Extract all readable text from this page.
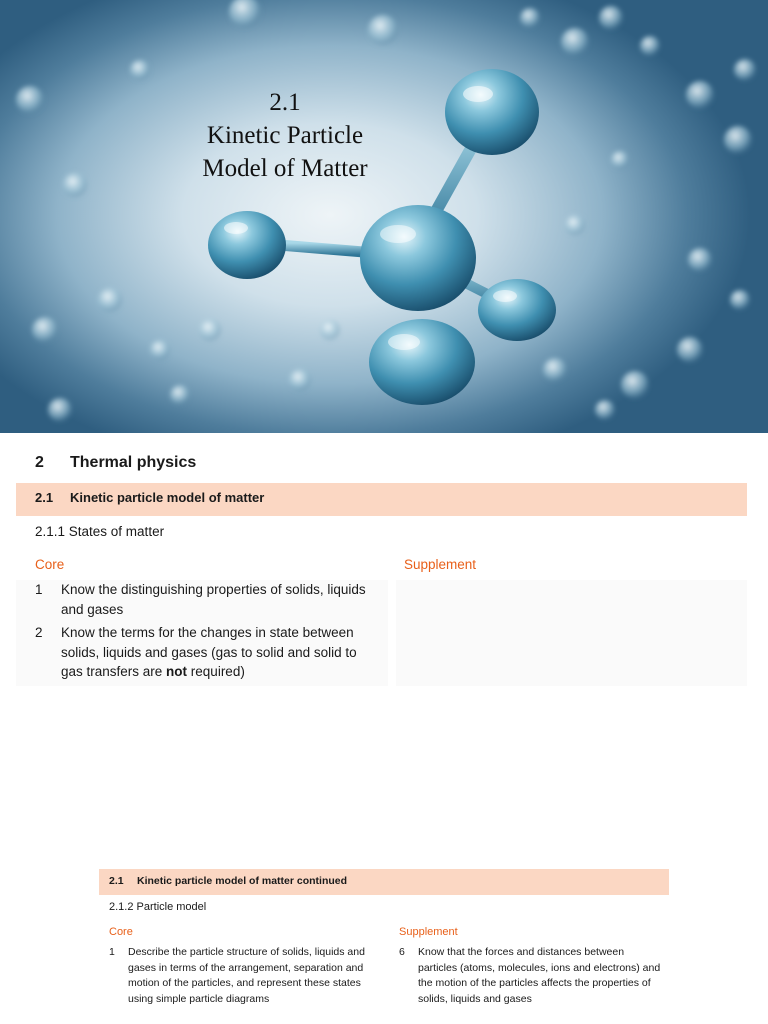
2.1
Kinetic Particle
Model of Matter
2 Thermal physics
2.1 Kinetic particle model of matter
2.1.1 States of matter
Core	Supplement
1	Know the distinguishing properties of solids, liquids and gases
2	Know the terms for the changes in state between solids, liquids and gases (gas to solid and solid to gas transfers are not required)
2.1 Kinetic particle model of matter continued
2.1.2 Particle model
Core	Supplement
1	Describe the particle structure of solids, liquids and gases in terms of the arrangement, separation and motion of the particles, and represent these states using simple particle diagrams
6	Know that the forces and distances between particles (atoms, molecules, ions and electrons) and the motion of the particles affects the properties of solids, liquids and gases
